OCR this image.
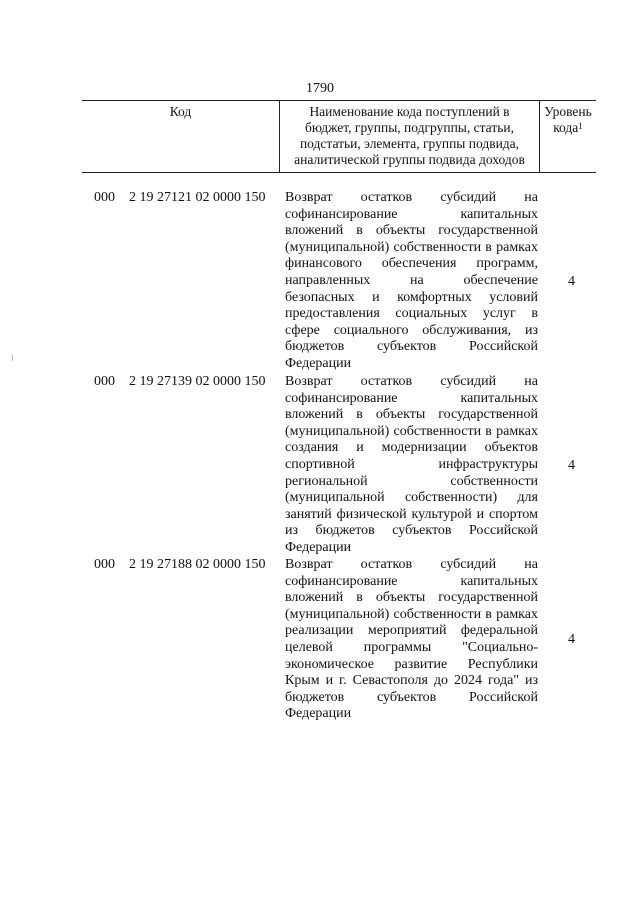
1790
Код	Наименование кода поступлений в
бюджет, группы, подгруппы, статьи,
подстатьи, элемента, группы подвида,
аналитической группы подвида доходов
Уровень
кода$^1$
000 2 19 27121 02 0000 150 Возврат остатков субсидий на софинансирование капитальных вложений в объекты государственной (муниципальной) собственности в рамках финансового обеспечения программ, направленных на обеспечение безопасных и комфортных условий предоставления социальных услуг в сфере социального обслуживания, из бюджетов субъектов Российской Федерации
4
000 2 19 27139 02 0000 150 Возврат остатков субсидий на софинансирование капитальных вложений в объекты государственной (муниципальной) собственности в рамках создания и модернизации объектов спортивной инфраструктуры региональной собственности (муниципальной собственности) для занятий физической культурой и спортом из бюджетов субъектов Российской Федерации
4
000 2 19 27188 02 0000 150 Возврат остатков субсидий на софинансирование капитальных вложений в объекты государственной (муниципальной) собственности в рамках реализации мероприятий федеральной целевой программы "Социально-экономическое развитие Республики Крым и г. Севастополя до 2024 года" из бюджетов субъектов Российской Федерации
4
